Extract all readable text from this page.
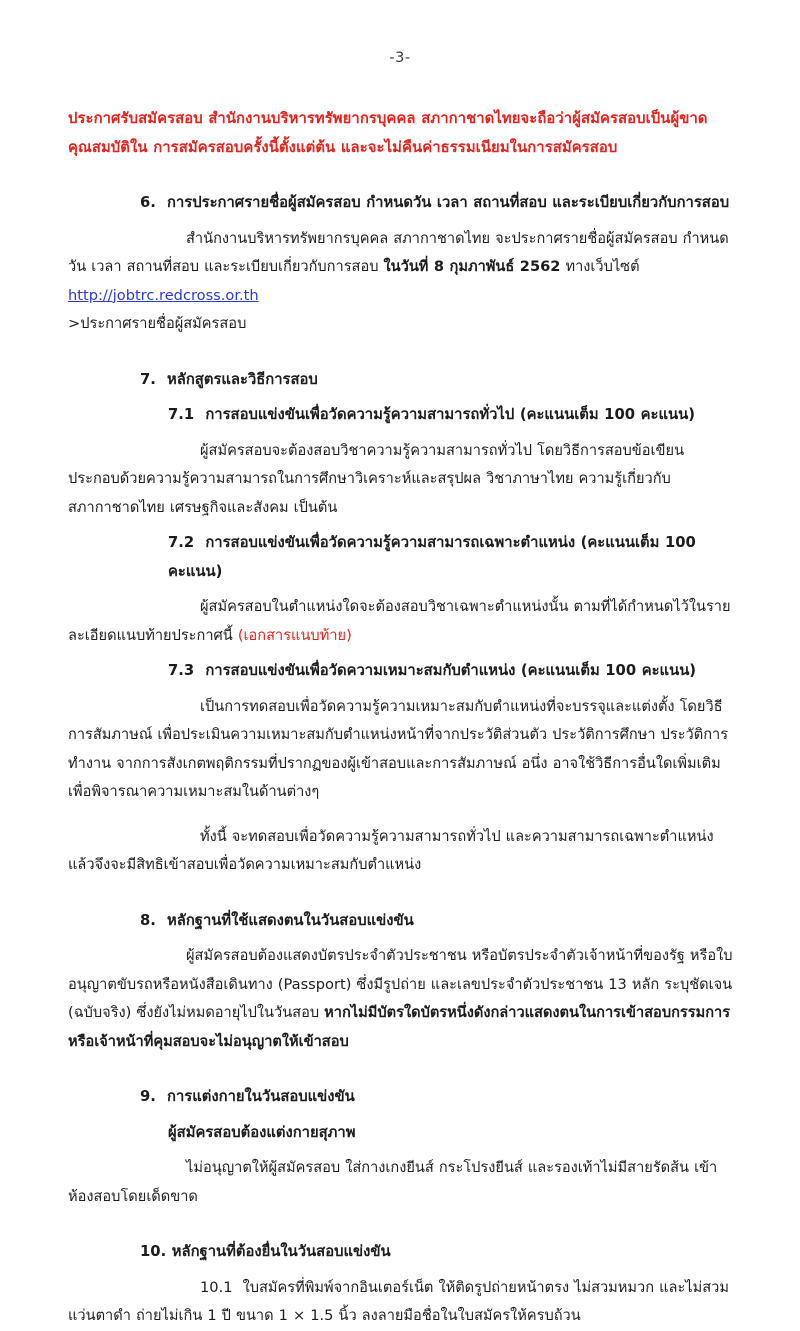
-3-

ประกาศรับสมัครสอบ สำนักงานบริหารทรัพยากรบุคคล สภากาชาดไทยจะถือว่าผู้สมัครสอบเป็นผู้ขาดคุณสมบัติใน การสมัครสอบครั้งนี้ตั้งแต่ต้น และจะไม่คืนค่าธรรมเนียมในการสมัครสอบ

6. การประกาศรายชื่อผู้สมัครสอบ กำหนดวัน เวลา สถานที่สอบ และระเบียบเกี่ยวกับการสอบ

สำนักงานบริหารทรัพยากรบุคคล สภากาชาดไทย จะประกาศรายชื่อผู้สมัครสอบ กำหนดวัน เวลา สถานที่สอบ และระเบียบเกี่ยวกับการสอบ ในวันที่ 8 กุมภาพันธ์ 2562 ทางเว็บไซต์ http://jobtrc.redcross.or.th

>ประกาศรายชื่อผู้สมัครสอบ

7. หลักสูตรและวิธีการสอบ

7.1 การสอบแข่งขันเพื่อวัดความรู้ความสามารถทั่วไป (คะแนนเต็ม 100 คะแนน)

ผู้สมัครสอบจะต้องสอบวิชาความรู้ความสามารถทั่วไป โดยวิธีการสอบข้อเขียน ประกอบด้วยความรู้ความสามารถในการศึกษาวิเคราะห์และสรุปผล วิชาภาษาไทย ความรู้เกี่ยวกับสภากาชาดไทย เศรษฐกิจและสังคม เป็นต้น

7.2 การสอบแข่งขันเพื่อวัดความรู้ความสามารถเฉพาะตำแหน่ง (คะแนนเต็ม 100 คะแนน)

ผู้สมัครสอบในตำแหน่งใดจะต้องสอบวิชาเฉพาะตำแหน่งนั้น ตามที่ได้กำหนดไว้ในรายละเอียดแนบท้ายประกาศนี้ (เอกสารแนบท้าย)

7.3 การสอบแข่งขันเพื่อวัดความเหมาะสมกับตำแหน่ง (คะแนนเต็ม 100 คะแนน)

เป็นการทดสอบเพื่อวัดความรู้ความเหมาะสมกับตำแหน่งที่จะบรรจุและแต่งตั้ง โดยวิธีการสัมภาษณ์ เพื่อประเมินความเหมาะสมกับตำแหน่งหน้าที่จากประวัติส่วนตัว ประวัติการศึกษา ประวัติการทำงาน จากการสังเกตพฤติกรรมที่ปรากฏของผู้เข้าสอบและการสัมภาษณ์ อนึ่ง อาจใช้วิธีการอื่นใดเพิ่มเติมเพื่อพิจารณาความเหมาะสมในด้านต่างๆ

ทั้งนี้ จะทดสอบเพื่อวัดความรู้ความสามารถทั่วไป และความสามารถเฉพาะตำแหน่งแล้วจึงจะมีสิทธิเข้าสอบเพื่อวัดความเหมาะสมกับตำแหน่ง

8. หลักฐานที่ใช้แสดงตนในวันสอบแข่งขัน

ผู้สมัครสอบต้องแสดงบัตรประจำตัวประชาชน หรือบัตรประจำตัวเจ้าหน้าที่ของรัฐ หรือใบอนุญาตขับรถหรือหนังสือเดินทาง (Passport) ซึ่งมีรูปถ่าย และเลขประจำตัวประชาชน 13 หลัก ระบุชัดเจน (ฉบับจริง) ซึ่งยังไม่หมดอายุไปในวันสอบ หากไม่มีบัตรใดบัตรหนึ่งดังกล่าวแสดงตนในการเข้าสอบกรรมการหรือเจ้าหน้าที่คุมสอบจะไม่อนุญาตให้เข้าสอบ

9. การแต่งกายในวันสอบแข่งขัน

ผู้สมัครสอบต้องแต่งกายสุภาพ

ไม่อนุญาตให้ผู้สมัครสอบ ใส่กางเกงยีนส์ กระโปรงยีนส์ และรองเท้าไม่มีสายรัดส้น เข้าห้องสอบโดยเด็ดขาด

10. หลักฐานที่ต้องยื่นในวันสอบแข่งขัน

10.1 ใบสมัครที่พิมพ์จากอินเตอร์เน็ต ให้ติดรูปถ่ายหน้าตรง ไม่สวมหมวก และไม่สวมแว่นตาดำ ถ่ายไม่เกิน 1 ปี ขนาด 1 × 1.5 นิ้ว ลงลายมือชื่อในใบสมัครให้ครบถ้วน
